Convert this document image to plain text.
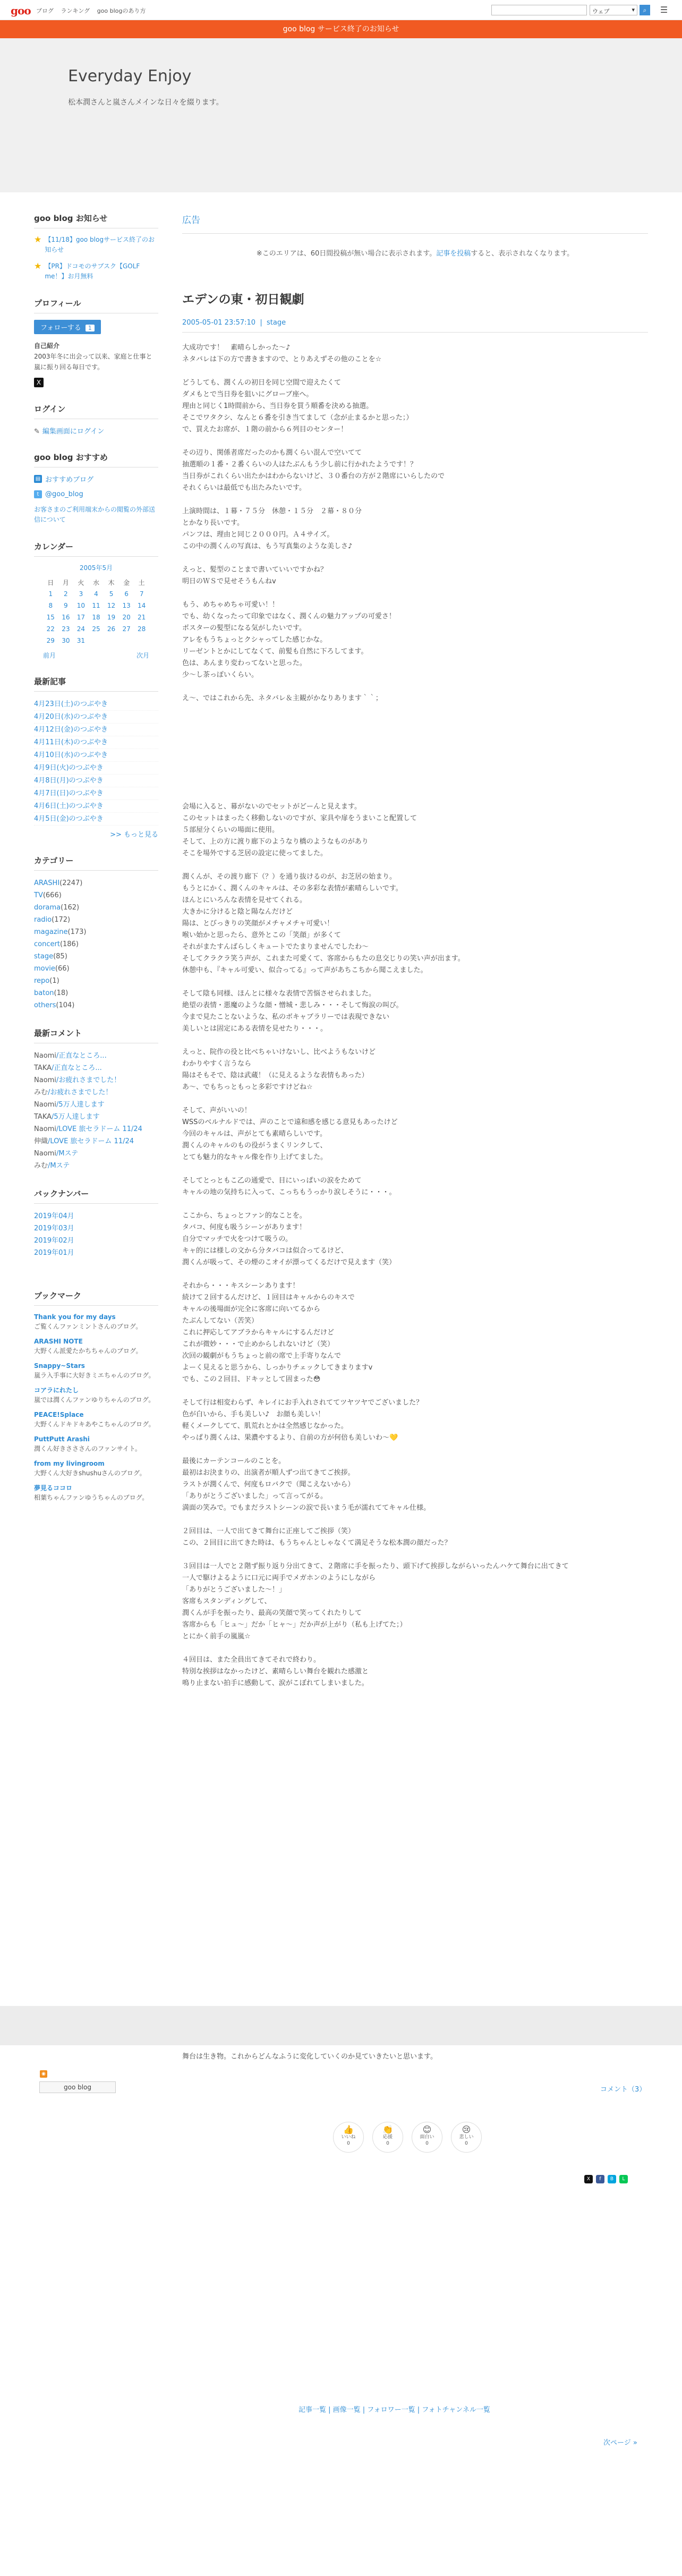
goo ブログ ランキング goo blogのあり方	ウェブ ▾	⌕	☰
goo blog サービス終了のお知らせ
Everyday Enjoy
松本潤さんと嵐さんメインな日々を綴ります。
goo blog お知らせ
★ 【11/18】goo blogサービス終了のお知らせ
★ 【PR】ドコモのサブスク【GOLF me！】お月無料
プロフィール
フォローする 1
自己紹介
2003年冬に出会って以来、家庭と仕事と嵐に振り回る毎日です。
X
ログイン
✎ 編集画面にログイン
goo blog おすすめ
▤ おすすめブログ
t @goo_blog
お客さまのご利用端末からの閲覧の外部送信について
カレンダー
2005年5月
日	月	火	水	木	金	土
1	2	3	4	5	6	7
8	9	10	11	12	13	14
15	16	17	18	19	20	21
22	23	24	25	26	27	28
29	30	31				
前月	次月
最新記事
4月23日(土)のつぶやき
4月20日(水)のつぶやき
4月12日(金)のつぶやき
4月11日(木)のつぶやき
4月10日(水)のつぶやき
4月9日(火)のつぶやき
4月8日(月)のつぶやき
4月7日(日)のつぶやき
4月6日(土)のつぶやき
4月5日(金)のつぶやき
>> もっと見る
カテゴリー
ARASHI(2247)
TV(666)
dorama(162)
radio(172)
magazine(173)
concert(186)
stage(85)
movie(66)
repo(1)
baton(18)
others(104)
最新コメント
Naomi/正直なところ...
TAKA/正直なところ...
Naomi/お疲れさまでした！
みむ/お疲れさまでした！
Naomi/5万人達します
TAKA/5万人達します
Naomi/LOVE 旅セラドーム 11/24
伸織/LOVE 旅セラドーム 11/24
Naomi/Mステ
みむ/Mステ
バックナンバー
2019年04月
2019年03月
2019年02月
2019年01月
ブックマーク
Thank you for my days
ご覧くんファンミントさんのブログ。
ARASHI NOTE
大野くん派愛たかちちゃんのブログ。
Snappy~Stars
嵐ラ入手事に大好きミエちゃんのブログ。
コアラにれたし
嵐では潤くんファンゆりちゃんのブログ。
PEACE!Splace
大野くんドキドキあやこちゃんのブログ。
PuttPutt Arashi
潤くん好きさささんのファンサイト。
from my livingroom
大野くん大好きshushuさんのブログ。
夢見るココロ
相葉ちゃんファンゆうちゃんのブログ。
広告
※このエリアは、60日間投稿が無い場合に表示されます。記事を投稿すると、表示されなくなります。
エデンの東・初日観劇
2005-05-01 23:57:10  |  stage
大成功です！　素晴らしかった〜♪
ネタバレは下の方で書きますので、とりあえずその他のことを☆
どうしても、潤くんの初日を同じ空間で迎えたくて
ダメもとで当日券を狙いにグローブ座へ。
理由と同じく1時間前から、当日券を買う順番を決める抽選。
そこでワタクシ、なんと６番を引き当てまして（念が止まるかと思った；）
で、買えたお席が、１階の前から６列目のセンター！
その辺り、関係者席だったのかも潤くらい混んで空いてて
抽選順の１番・２番くらいの人はたぶんもう少し前に行かれたようです！？
当日券がこれくらい出たかはわからないけど、３０番台の方が２階席にいらしたので
それくらいは最低でも出たみたいです。
上演時間は、１幕・７５分　休憩・１５分　２幕・８０分
とかなり長いです。
パンフは、理由と同じ２０００円。Ａ４サイズ。
この中の潤くんの写真は、もう写真集のような美しさ♪
えっと、髪型のことまで書いていいですかね？
明日のＷＳで見せそうもんねv
もう、めちゃめちゃ可愛い！！
でも、幼くなったって印象ではなく、潤くんの魅力アップの可愛さ！
ポスターの髪型になる気がしたいです。
アレをもうちょっとクシャってした感じかな。
リーゼントとかにしてなくて、前髪も自然に下ろしてます。
色は、あんまり変わってないと思った。
少〜し茶っぽいくらい。
え〜、ではこれから先、ネタバレ＆主観がかなりあります｀｀；
会場に入ると、幕がないのでセットがどーんと見えます。
このセットはまったく移動しないのですが、家具や扉をうまいこと配置して
５部屋分くらいの場面に使用。
そして、上の方に渡り廊下のようなり橋のようなものがあり
そこを場外でする芝居の設定に使ってました。
潤くんが、その渡り廊下（？）を通り抜けるのが、お芝居の始まり。
もうとにかく、潤くんのキャルは、その多彩な表情が素晴らしいです。
ほんとにいろんな表情を見せてくれる。
大きかに分けると陰と陽なんだけど
陽は、とびっきりの笑顔がメチャメチャ可愛い！
喉い始かと思ったら、意外とこの「笑顔」が多くて
それがまたすんばらしくキュートでたまりませんでしたわ〜
そしてクラクラ笑う声が、これまた可愛くて、客席からもたの息交じりの笑い声が出ます。
休憩中も、『キャル可愛い、似合ってる』って声があちこちから聞こえました。
そして陰も同様、ほんとに様々な表情で苦悩させられました。
絶望の表情・悪魔のような顔・憎城・悲しみ・・・そして悔涙の叫び。
今まで見たことないような、私のボキャブラリーでは表現できない
美しいとは固定にある表情を見せたり・・・。
えっと、院作の役と比べちゃいけないし、比べようもないけど
わかりやすく言うなら
陽はそもそで、陰は武蔵！（に見えるような表情もあった）
あ〜、でもちっともっと多彩ですけどね☆
そして、声がいいの！
WSSのベルナルドでは、声のことで遠和感を感じる意見もあったけど
今回のキャルは、声がとても素晴らしいです。
潤くんのキャルのもの役がうまくリンクして、
とても魅力的なキャル像を作り上げてました。
そしてとっともこ乙の通愛で、目にいっぱいの涙をためて
キャルの地の気持ちに入って、こっちもうっかり涙しそうに・・・。
ここから、ちょっとファン的なことを。
タバコ、何度も吸うシーンがあります！
自分でマッチで火をつけて吸うの。
キャ的には様しの文から分タバコは似合ってるけど、
潤くんが吸って、その煙のこオイが漂ってくるだけで見えます（笑）
それから・・・キスシーンあります！
続けて２回するんだけど、１回目はキャルからのキスで
キャルの後場面が完全に客席に向いてるから
たぶんしてない（苦笑）
これに押応してアブラからキャルにするんだけど
これが微妙・・・で止めからしれないけど（笑）
次回の観劇がもうちょっと前の席で上手寄りなんで
よーく見えると思うから、しっかりチェックしてきまりますv
でも、この２回目、ドキッとして固まった😳
そして行は相変わらず、キレイにお手入れされててツヤツヤでございました？
色が白いから、手も美しい♪　お顔も美しい！
軽くメークしてて、肌荒れとかは全然感じなかった。
やっぱり潤くんは、果濃やするより、自前の方が何倍も美しいわ〜💛
最後にカーテンコールのことを。
最初はお決まりの、出演者が順人ずつ出てきてご挨拶。
ラストが潤くんで、何度もロバクで（聞こえないから）
「ありがとうございました」って言ってがる。
満面の笑みで。でもまだラストシーンの涙で長いまう毛が濡れててキャル仕様。
２回目は、一人で出てきて舞台に正座してご挨拶（笑）
この、２回目に出てきた時は、もうちゃんとしゃなくて満足そうな松本潤の顔だった？
３回目は一人でと２階ず振り返り分出てきて、２階席に手を振ったり、頭下げて挨拶しながらいったんハケて舞台に出てきて
一人で駆けよるように口元に両手でメガホンのようにしながら
「ありがとうございました〜！」
客席もスタンディングして、
潤くんが手を振ったり、最高の笑顔で笑ってくれたりして
客席からも「ヒュ〜」だか「ヒャ〜」だか声が上がり（私も上げてた；）
とにかく前手の嵐嵐☆
４回目は、また全員出てきてそれで終わり。
特別な挨拶はなかったけど、素晴らしい舞台を観れた感激と
鳴り止まない拍手に感動して、涙がこぼれてしまいました。
舞台は生き物。これからどんなふうに変化していくのか見ていきたいと思います。
◉
goo blog	コメント（3）
👍
いいね
0
👏
応援
0
😊
面白い
0
😢
悲しい
0
X	f	B	L
記事一覧 | 画像一覧 | フォロワー一覧 | フォトチャンネル一覧
次ページ »
